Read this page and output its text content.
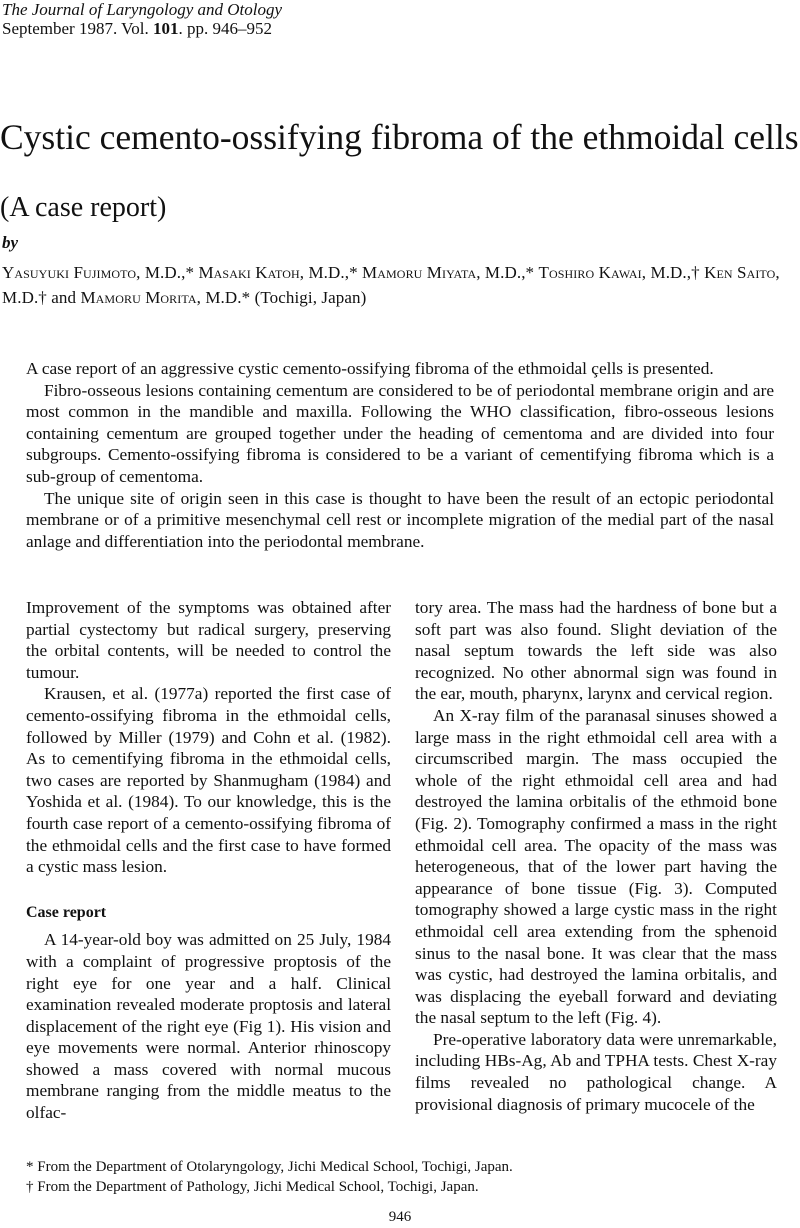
The Journal of Laryngology and Otology
September 1987. Vol. 101. pp. 946–952
Cystic cemento-ossifying fibroma of the ethmoidal cells
(A case report)
by
Yasuyuki Fujimoto, M.D.,* Masaki Katoh, M.D.,* Mamoru Miyata, M.D.,* Toshiro Kawai, M.D.,† Ken Saito, M.D.† and Mamoru Morita, M.D.* (Tochigi, Japan)

A case report of an aggressive cystic cemento-ossifying fibroma of the ethmoidal çells is presented.

Fibro-osseous lesions containing cementum are considered to be of periodontal membrane origin and are most common in the mandible and maxilla. Following the WHO classification, fibro-osseous lesions containing cementum are grouped together under the heading of cementoma and are divided into four subgroups. Cemento-ossifying fibroma is considered to be a variant of cementifying fibroma which is a sub-group of cementoma.

The unique site of origin seen in this case is thought to have been the result of an ectopic periodontal membrane or of a primitive mesenchymal cell rest or incomplete migration of the medial part of the nasal anlage and differentiation into the periodontal membrane.

Improvement of the symptoms was obtained after partial cystectomy but radical surgery, preserving the orbital contents, will be needed to control the tumour.

Krausen, et al. (1977a) reported the first case of cemento-ossifying fibroma in the ethmoidal cells, followed by Miller (1979) and Cohn et al. (1982). As to cementifying fibroma in the ethmoidal cells, two cases are reported by Shanmugham (1984) and Yoshida et al. (1984). To our knowledge, this is the fourth case report of a cemento-ossifying fibroma of the ethmoidal cells and the first case to have formed a cystic mass lesion.

Case report

A 14-year-old boy was admitted on 25 July, 1984 with a complaint of progressive proptosis of the right eye for one year and a half. Clinical examination revealed moderate proptosis and lateral displacement of the right eye (Fig 1). His vision and eye movements were normal. Anterior rhinoscopy showed a mass covered with normal mucous membrane ranging from the middle meatus to the olfac-

tory area. The mass had the hardness of bone but a soft part was also found. Slight deviation of the nasal septum towards the left side was also recognized. No other abnormal sign was found in the ear, mouth, pharynx, larynx and cervical region.

An X-ray film of the paranasal sinuses showed a large mass in the right ethmoidal cell area with a circumscribed margin. The mass occupied the whole of the right ethmoidal cell area and had destroyed the lamina orbitalis of the ethmoid bone (Fig. 2). Tomography confirmed a mass in the right ethmoidal cell area. The opacity of the mass was heterogeneous, that of the lower part having the appearance of bone tissue (Fig. 3). Computed tomography showed a large cystic mass in the right ethmoidal cell area extending from the sphenoid sinus to the nasal bone. It was clear that the mass was cystic, had destroyed the lamina orbitalis, and was displacing the eyeball forward and deviating the nasal septum to the left (Fig. 4).

Pre-operative laboratory data were unremarkable, including HBs-Ag, Ab and TPHA tests. Chest X-ray films revealed no pathological change. A provisional diagnosis of primary mucocele of the

* From the Department of Otolaryngology, Jichi Medical School, Tochigi, Japan.
† From the Department of Pathology, Jichi Medical School, Tochigi, Japan.
946
